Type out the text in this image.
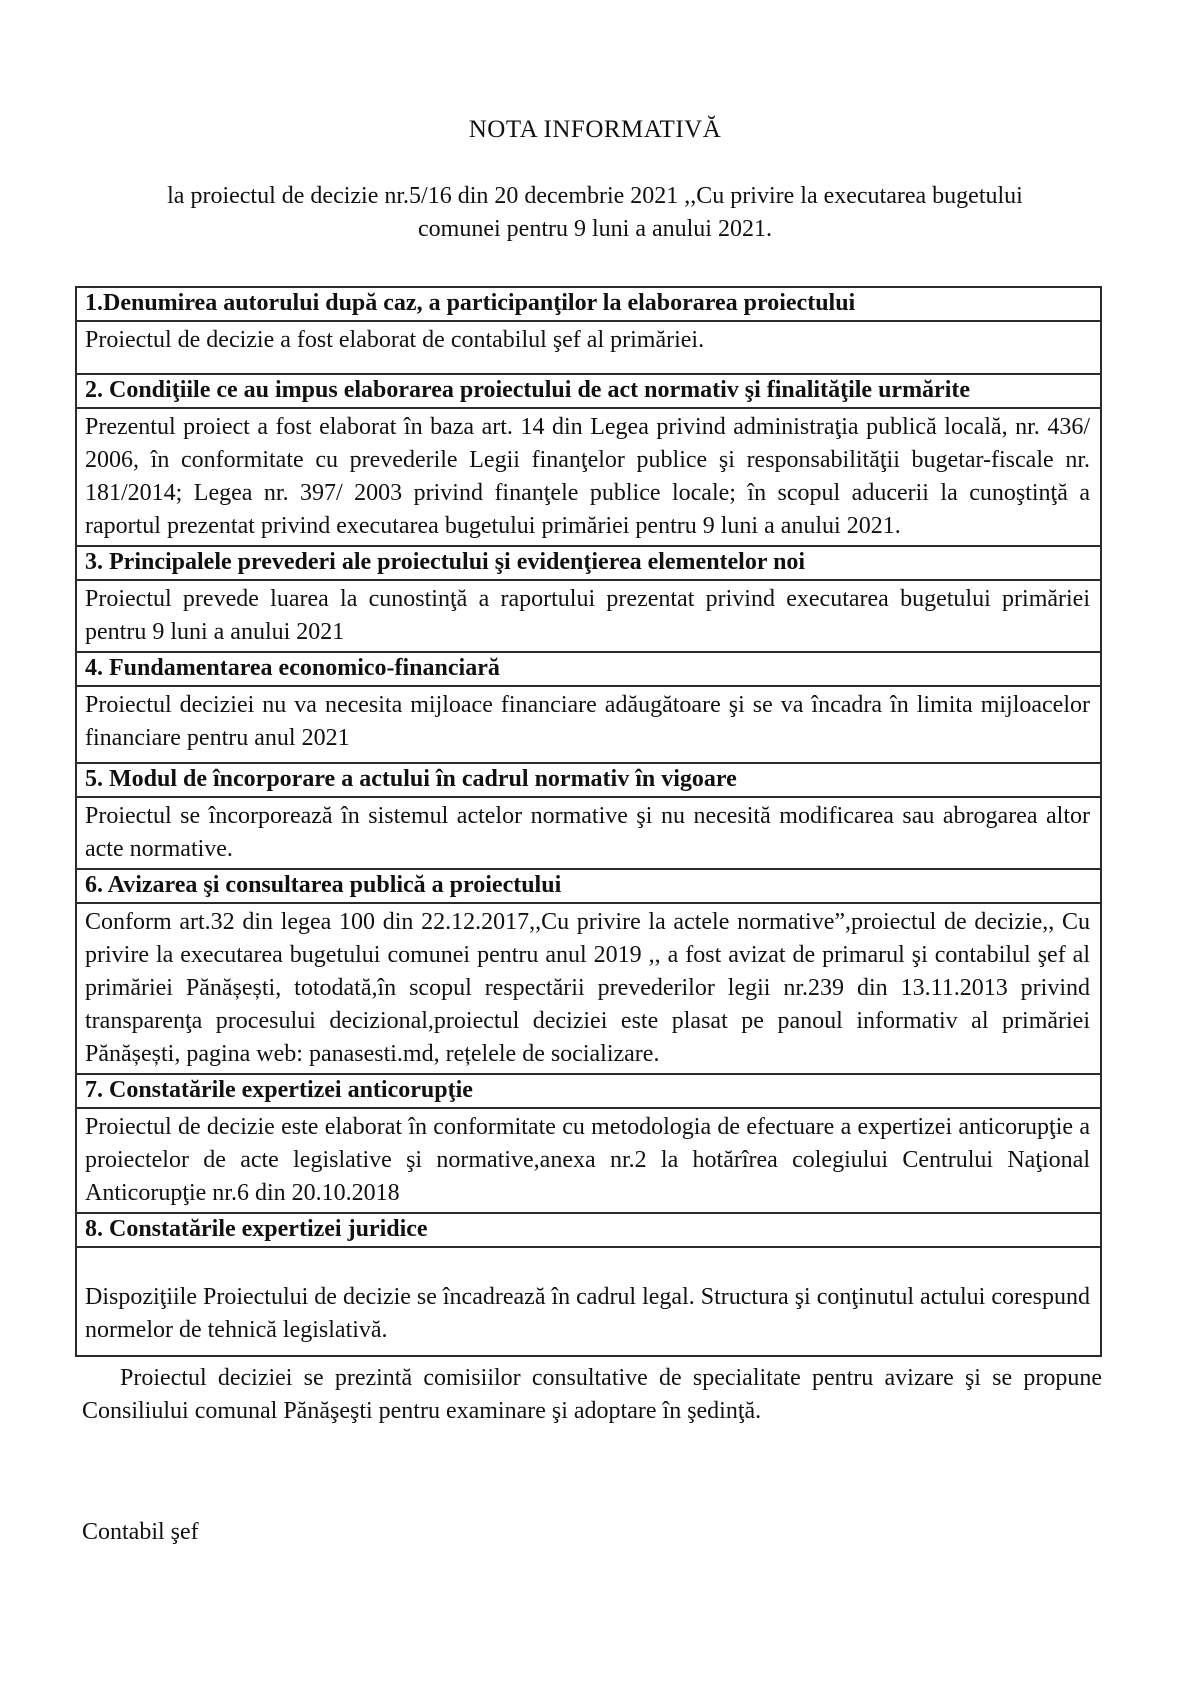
NOTA INFORMATIVĂ
la proiectul de decizie nr.5/16 din 20 decembrie 2021 ,,Cu privire la executarea bugetului
comunei pentru 9 luni a anului 2021.
1.Denumirea autorului după caz, a participanţilor la elaborarea proiectului
Proiectul de decizie a fost elaborat de contabilul şef al primăriei.
2. Condiţiile ce au impus elaborarea proiectului de act normativ şi finalităţile urmărite
Prezentul proiect a fost elaborat în baza art. 14 din Legea privind administraţia publică locală, nr. 436/ 2006, în conformitate cu prevederile Legii finanţelor publice şi responsabilităţii bugetar-fiscale nr. 181/2014; Legea nr. 397/ 2003 privind finanţele publice locale; în scopul aducerii la cunoştinţă a raportul prezentat privind executarea bugetului primăriei pentru 9 luni a anului 2021.
3. Principalele prevederi ale proiectului şi evidenţierea elementelor noi
Proiectul prevede luarea la cunostinţă a raportului prezentat privind executarea bugetului primăriei pentru 9 luni a anului 2021
4. Fundamentarea economico-financiară
Proiectul deciziei nu va necesita mijloace financiare adăugătoare şi se va încadra în limita mijloacelor financiare pentru anul 2021
5. Modul de încorporare a actului în cadrul normativ în vigoare
Proiectul se încorporează în sistemul actelor normative şi nu necesită modificarea sau abrogarea altor acte normative.
6. Avizarea şi consultarea publică a proiectului
Conform art.32 din legea 100 din 22.12.2017,,Cu privire la actele normative”,proiectul de decizie,, Cu privire la executarea bugetului comunei pentru anul 2019 ,, a fost avizat de primarul şi contabilul şef al primăriei Pănășești, totodată,în scopul respectării prevederilor legii nr.239 din 13.11.2013 privind transparenţa procesului decizional,proiectul deciziei este plasat pe panoul informativ al primăriei Pănășești, pagina web: panasesti.md, rețelele de socializare.
7. Constatările expertizei anticorupţie
Proiectul de decizie este elaborat în conformitate cu metodologia de efectuare a expertizei anticorupţie a proiectelor de acte legislative şi normative,anexa nr.2 la hotărîrea colegiului Centrului Naţional Anticorupţie nr.6 din 20.10.2018
8. Constatările expertizei juridice
Dispoziţiile Proiectului de decizie se încadrează în cadrul legal. Structura şi conţinutul actului corespund normelor de tehnică legislativă.
Proiectul deciziei se prezintă comisiilor consultative de specialitate pentru avizare şi se propune Consiliului comunal Pănăşeşti pentru examinare şi adoptare în şedinţă.
Contabil şef
